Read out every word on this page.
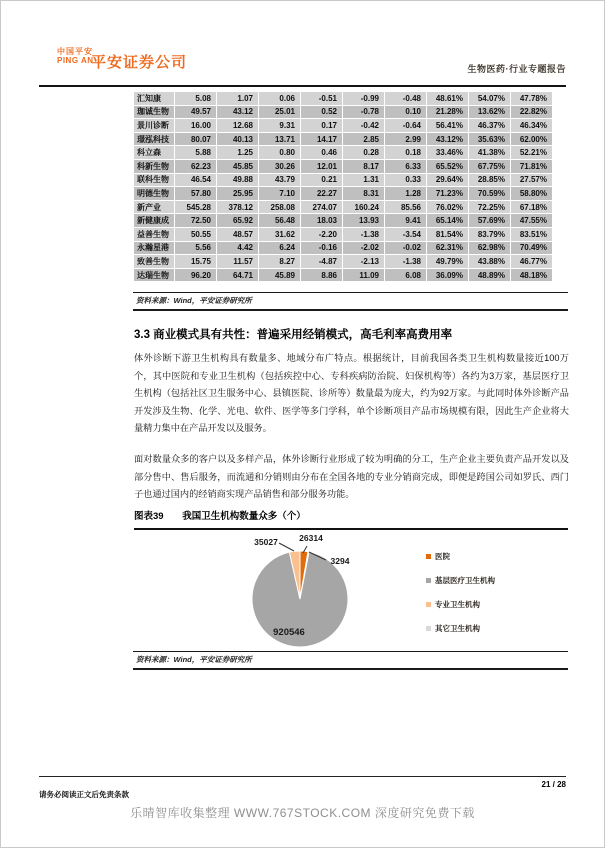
中国平安
PING AN
平安证券公司	生物医药·行业专题报告
汇知康	5.08	1.07	0.06	-0.51	-0.99	-0.48	48.61%	54.07%	47.78%
珈诚生物	49.57	43.12	25.01	0.52	-0.78	0.10	21.28%	13.62%	22.82%
景川诊断	16.00	12.68	9.31	0.17	-0.42	-0.64	56.41%	46.37%	46.34%
璟泓科技	80.07	40.13	13.71	14.17	2.85	2.99	43.12%	35.63%	62.00%
科立森	5.88	1.25	0.80	0.46	0.28	0.18	33.46%	41.38%	52.21%
科新生物	62.23	45.85	30.26	12.01	8.17	6.33	65.52%	67.75%	71.81%
联科生物	46.54	49.88	43.79	0.21	1.31	0.33	29.64%	28.85%	27.57%
明德生物	57.80	25.95	7.10	22.27	8.31	1.28	71.23%	70.59%	58.80%
新产业	545.28	378.12	258.08	274.07	160.24	85.56	76.02%	72.25%	67.18%
新健康成	72.50	65.92	56.48	18.03	13.93	9.41	65.14%	57.69%	47.55%
益善生物	50.55	48.57	31.62	-2.20	-1.38	-3.54	81.54%	83.79%	83.51%
永瀚星港	5.56	4.42	6.24	-0.16	-2.02	-0.02	62.31%	62.98%	70.49%
致善生物	15.75	11.57	8.27	-4.87	-2.13	-1.38	49.79%	43.88%	46.77%
达瑞生物	96.20	64.71	45.89	8.86	11.09	6.08	36.09%	48.89%	48.18%
资料来源：Wind，平安证券研究所
3.3 商业模式具有共性：普遍采用经销模式，高毛利率高费用率

体外诊断下游卫生机构具有数量多、地域分布广特点。根据统计，目前我国各类卫生机构数量接近100万个，其中医院和专业卫生机构（包括疾控中心、专科疾病防治院、妇保机构等）各约为3万家，基层医疗卫生机构（包括社区卫生服务中心、县镇医院、诊所等）数量最为庞大，约为92万家。与此同时体外诊断产品开发涉及生物、化学、光电、软件、医学等多门学科，单个诊断项目产品市场规模有限，因此生产企业将大量精力集中在产品开发以及服务。

面对数量众多的客户以及多样产品，体外诊断行业形成了较为明确的分工，生产企业主要负责产品开发以及部分售中、售后服务，而流通和分销则由分布在全国各地的专业分销商完成，即便是跨国公司如罗氏、西门子也通过国内的经销商实现产品销售和部分服务功能。

图表39 我国卫生机构数量众多（个）
26314
35027
3294
920546
医院
基层医疗卫生机构
专业卫生机构
其它卫生机构
资料来源：Wind，平安证券研究所
21 / 28
请务必阅读正文后免责条款
乐晴智库收集整理 WWW.767STOCK.COM 深度研究免费下载
